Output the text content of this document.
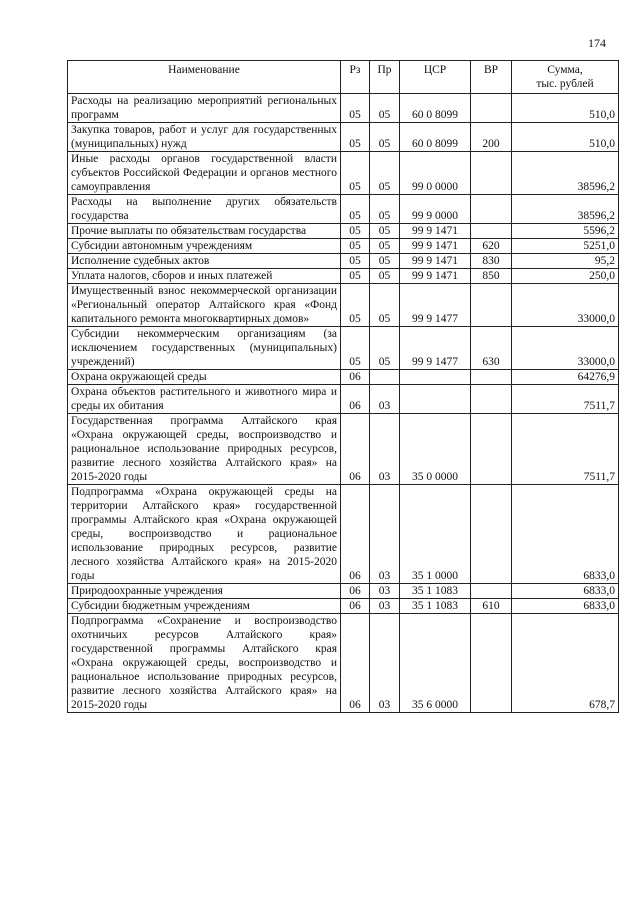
174
Наименование	Рз	Пр	ЦСР	ВР	Сумма,
тыс. рублей
Расходы на реализацию мероприятий региональных программ	05	05	60 0 8099		510,0
Закупка товаров, работ и услуг для государственных (муниципальных) нужд	05	05	60 0 8099	200	510,0
Иные расходы органов государственной власти субъектов Российской Федерации и органов местного самоуправления	05	05	99 0 0000		38596,2
Расходы на выполнение других обязательств государства	05	05	99 9 0000		38596,2
Прочие выплаты по обязательствам государства	05	05	99 9 1471		5596,2
Субсидии автономным учреждениям	05	05	99 9 1471	620	5251,0
Исполнение судебных актов	05	05	99 9 1471	830	95,2
Уплата налогов, сборов и иных платежей	05	05	99 9 1471	850	250,0
Имущественный взнос некоммерческой организации «Региональный оператор Алтайского края «Фонд капитального ремонта многоквартирных домов»	05	05	99 9 1477		33000,0
Субсидии некоммерческим организациям (за исключением государственных (муниципальных) учреждений)	05	05	99 9 1477	630	33000,0
Охрана окружающей среды	06				64276,9
Охрана объектов растительного и животного мира и среды их обитания	06	03			7511,7
Государственная программа Алтайского края «Охрана окружающей среды, воспроизводство и рациональное использование природных ресурсов, развитие лесного хозяйства Алтайского края» на 2015-2020 годы	06	03	35 0 0000		7511,7
Подпрограмма «Охрана окружающей среды на территории Алтайского края» государственной программы Алтайского края «Охрана окружающей среды, воспроизводство и рациональное использование природных ресурсов, развитие лесного хозяйства Алтайского края» на 2015-2020 годы	06	03	35 1 0000		6833,0
Природоохранные учреждения	06	03	35 1 1083		6833,0
Субсидии бюджетным учреждениям	06	03	35 1 1083	610	6833,0
Подпрограмма «Сохранение и воспроизводство охотничьих ресурсов Алтайского края» государственной программы Алтайского края «Охрана окружающей среды, воспроизводство и рациональное использование природных ресурсов, развитие лесного хозяйства Алтайского края» на 2015-2020 годы	06	03	35 6 0000		678,7
